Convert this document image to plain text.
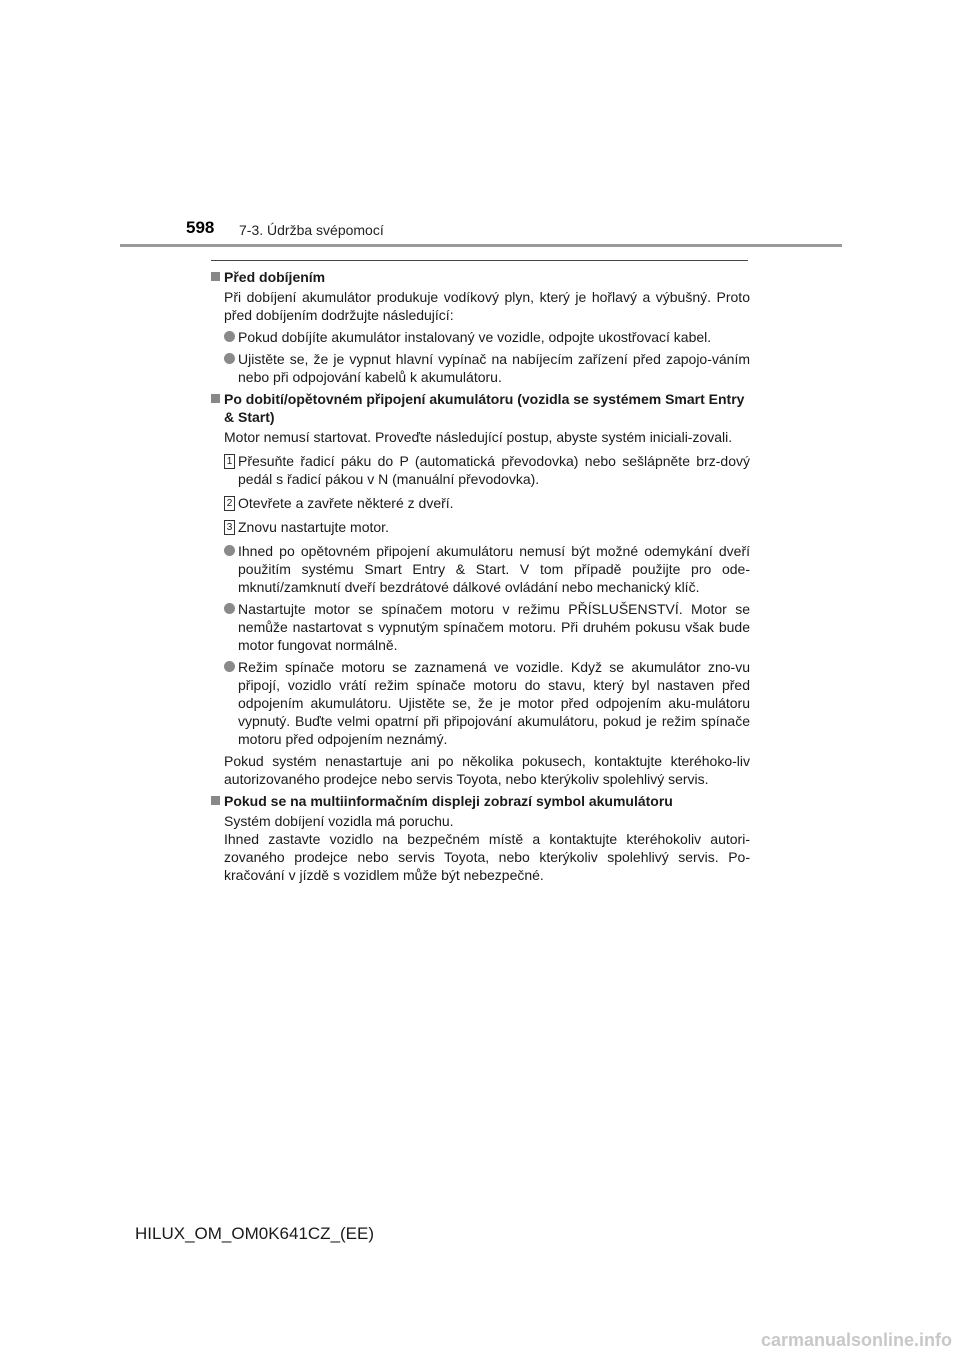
598 7-3. Údržba svépomocí
Před dobíjením
Při dobíjení akumulátor produkuje vodíkový plyn, který je hořlavý a výbušný. Proto před dobíjením dodržujte následující:
Pokud dobíjíte akumulátor instalovaný ve vozidle, odpojte ukostřovací kabel.
Ujistěte se, že je vypnut hlavní vypínač na nabíjecím zařízení před zapojo-váním nebo při odpojování kabelů k akumulátoru.
Po dobití/opětovném připojení akumulátoru (vozidla se systémem Smart Entry & Start)
Motor nemusí startovat. Proveďte následující postup, abyste systém iniciali-zovali.
1 Přesuňte řadicí páku do P (automatická převodovka) nebo sešlápněte brz-dový pedál s řadicí pákou v N (manuální převodovka).
2 Otevřete a zavřete některé z dveří.
3 Znovu nastartujte motor.
Ihned po opětovném připojení akumulátoru nemusí být možné odemykání dveří použitím systému Smart Entry & Start. V tom případě použijte pro ode-mknutí/zamknutí dveří bezdrátové dálkové ovládání nebo mechanický klíč.
Nastartujte motor se spínačem motoru v režimu PŘÍSLUŠENSTVÍ. Motor se nemůže nastartovat s vypnutým spínačem motoru. Při druhém pokusu však bude motor fungovat normálně.
Režim spínače motoru se zaznamená ve vozidle. Když se akumulátor zno-vu připojí, vozidlo vrátí režim spínače motoru do stavu, který byl nastaven před odpojením akumulátoru. Ujistěte se, že je motor před odpojením aku-mulátoru vypnutý. Buďte velmi opatrní při připojování akumulátoru, pokud je režim spínače motoru před odpojením neznámý.
Pokud systém nenastartuje ani po několika pokusech, kontaktujte kteréhoko-liv autorizovaného prodejce nebo servis Toyota, nebo kterýkoliv spolehlivý servis.
Pokud se na multiinformačním displeji zobrazí symbol akumulátoru
Systém dobíjení vozidla má poruchu.
Ihned zastavte vozidlo na bezpečném místě a kontaktujte kteréhokoliv autori-zovaného prodejce nebo servis Toyota, nebo kterýkoliv spolehlivý servis. Po-kračování v jízdě s vozidlem může být nebezpečné.
HILUX_OM_OM0K641CZ_(EE)
carmanualsonline.info
